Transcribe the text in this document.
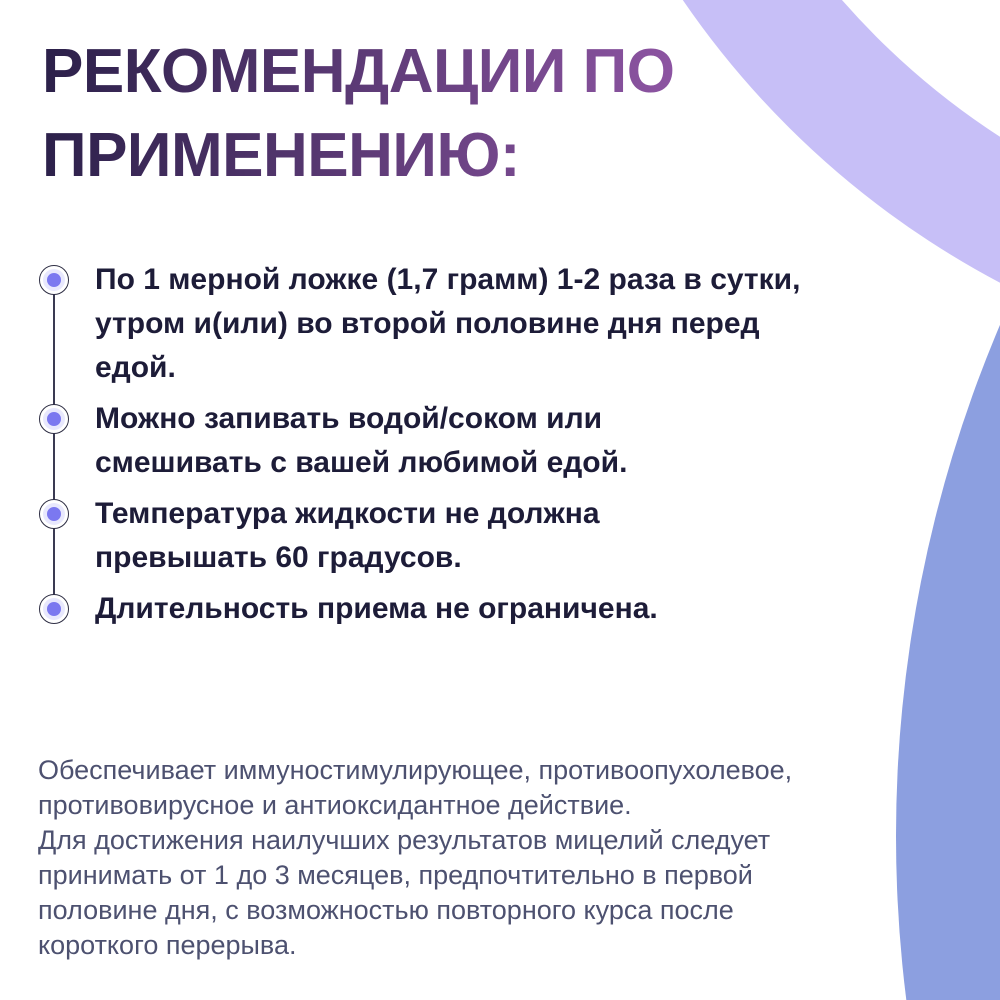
РЕКОМЕНДАЦИИ ПО
ПРИМЕНЕНИЮ:
По 1 мерной ложке (1,7 грамм) 1-2 раза в сутки,
утром и(или) во второй половине дня перед
едой.
Можно запивать водой/соком или
смешивать с вашей любимой едой.
Температура жидкости не должна
превышать 60 градусов.
Длительность приема не ограничена.
Обеспечивает иммуностимулирующее, противоопухолевое,
противовирусное и антиоксидантное действие.
Для достижения наилучших результатов мицелий следует
принимать от 1 до 3 месяцев, предпочтительно в первой
половине дня, с возможностью повторного курса после
короткого перерыва.
